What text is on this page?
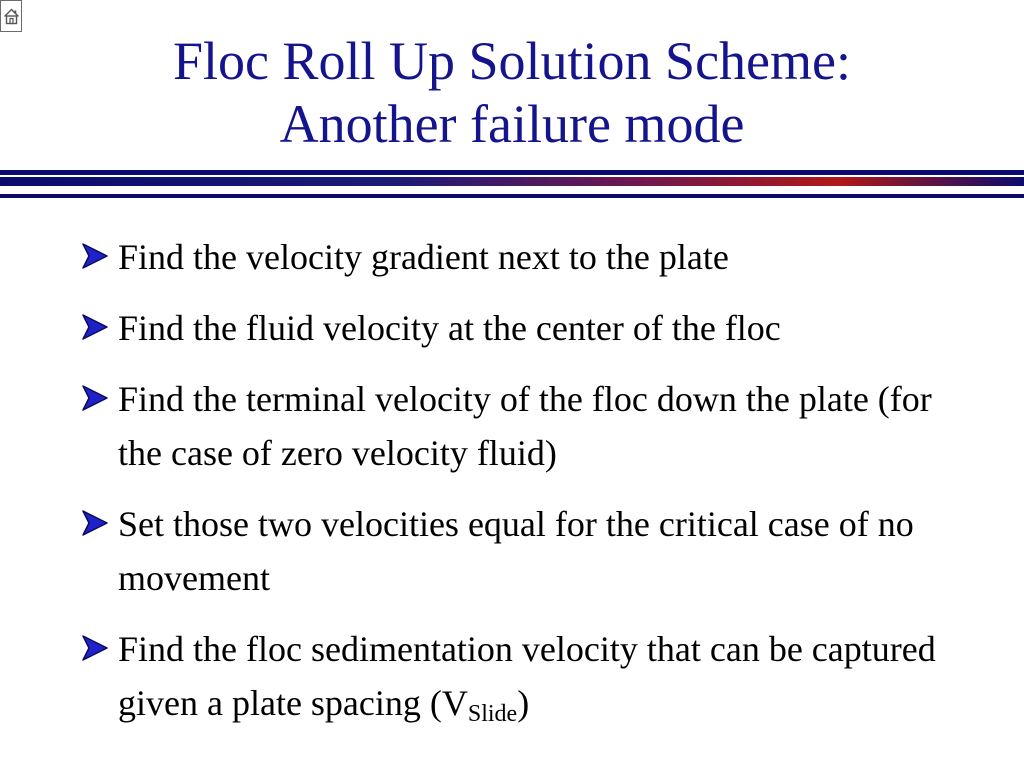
Floc Roll Up Solution Scheme:
Another failure mode
Find the velocity gradient next to the plate
Find the fluid velocity at the center of the floc
Find the terminal velocity of the floc down the plate (for the case of zero velocity fluid)
Set those two velocities equal for the critical case of no movement
Find the floc sedimentation velocity that can be captured given a plate spacing $(V_{Slide})$
